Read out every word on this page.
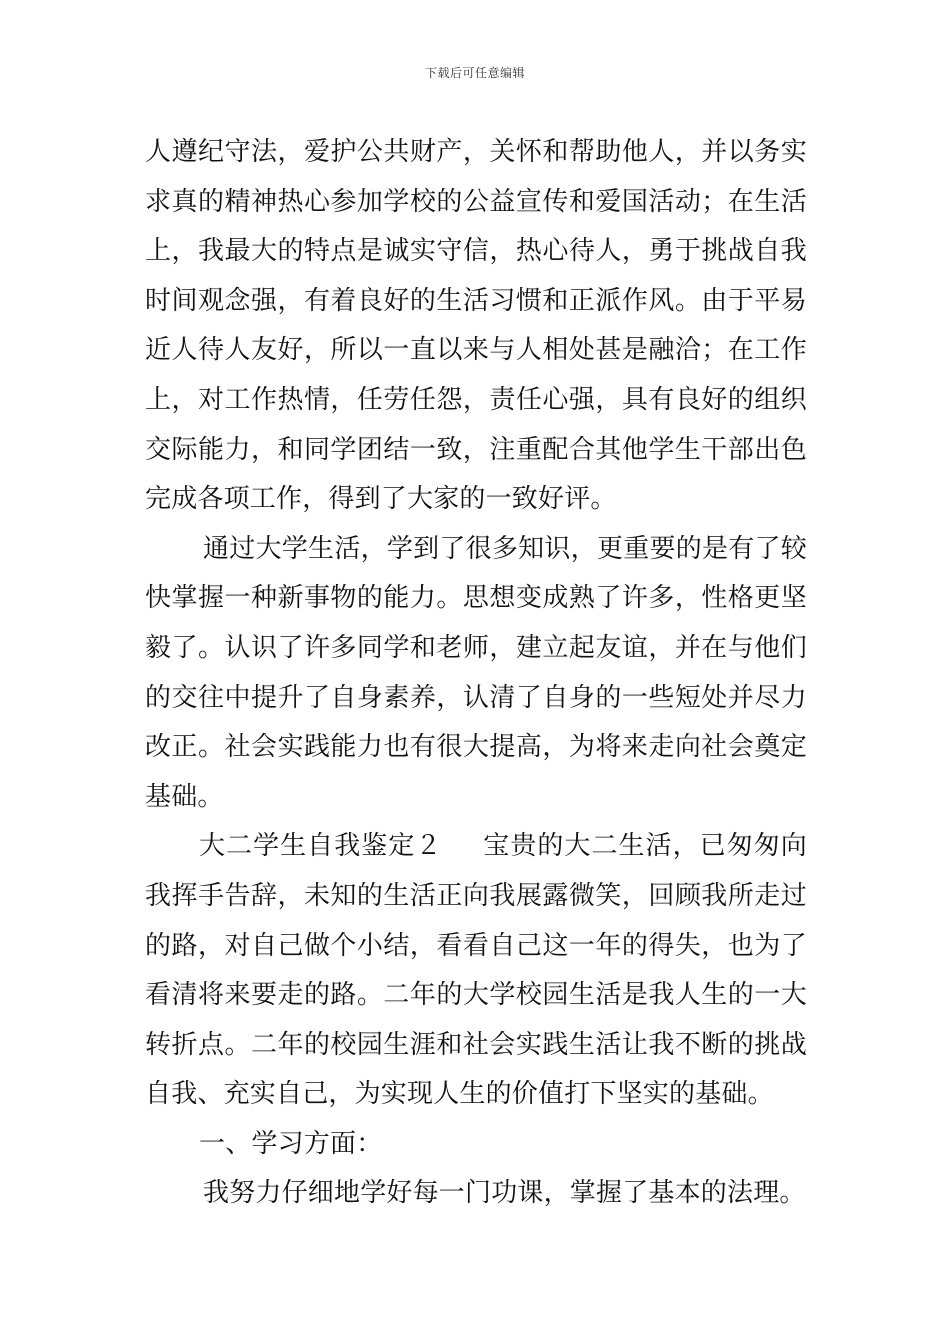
下载后可任意编辑

人遵纪守法，爱护公共财产，关怀和帮助他人，并以务实求真的精神热心参加学校的公益宣传和爱国活动；在生活上，我最大的特点是诚实守信，热心待人，勇于挑战自我时间观念强，有着良好的生活习惯和正派作风。由于平易近人待人友好，所以一直以来与人相处甚是融洽；在工作上，对工作热情，任劳任怨，责任心强，具有良好的组织交际能力，和同学团结一致，注重配合其他学生干部出色完成各项工作，得到了大家的一致好评。

通过大学生活，学到了很多知识，更重要的是有了较快掌握一种新事物的能力。思想变成熟了许多，性格更坚毅了。认识了许多同学和老师，建立起友谊，并在与他们的交往中提升了自身素养，认清了自身的一些短处并尽力改正。社会实践能力也有很大提高，为将来走向社会奠定基础。

大二学生自我鉴定２ 宝贵的大二生活，已匆匆向我挥手告辞，未知的生活正向我展露微笑，回顾我所走过的路，对自己做个小结，看看自己这一年的得失，也为了看清将来要走的路。二年的大学校园生活是我人生的一大转折点。二年的校园生涯和社会实践生活让我不断的挑战自我、充实自己，为实现人生的价值打下坚实的基础。

一、学习方面：

我努力仔细地学好每一门功课，掌握了基本的法理。
